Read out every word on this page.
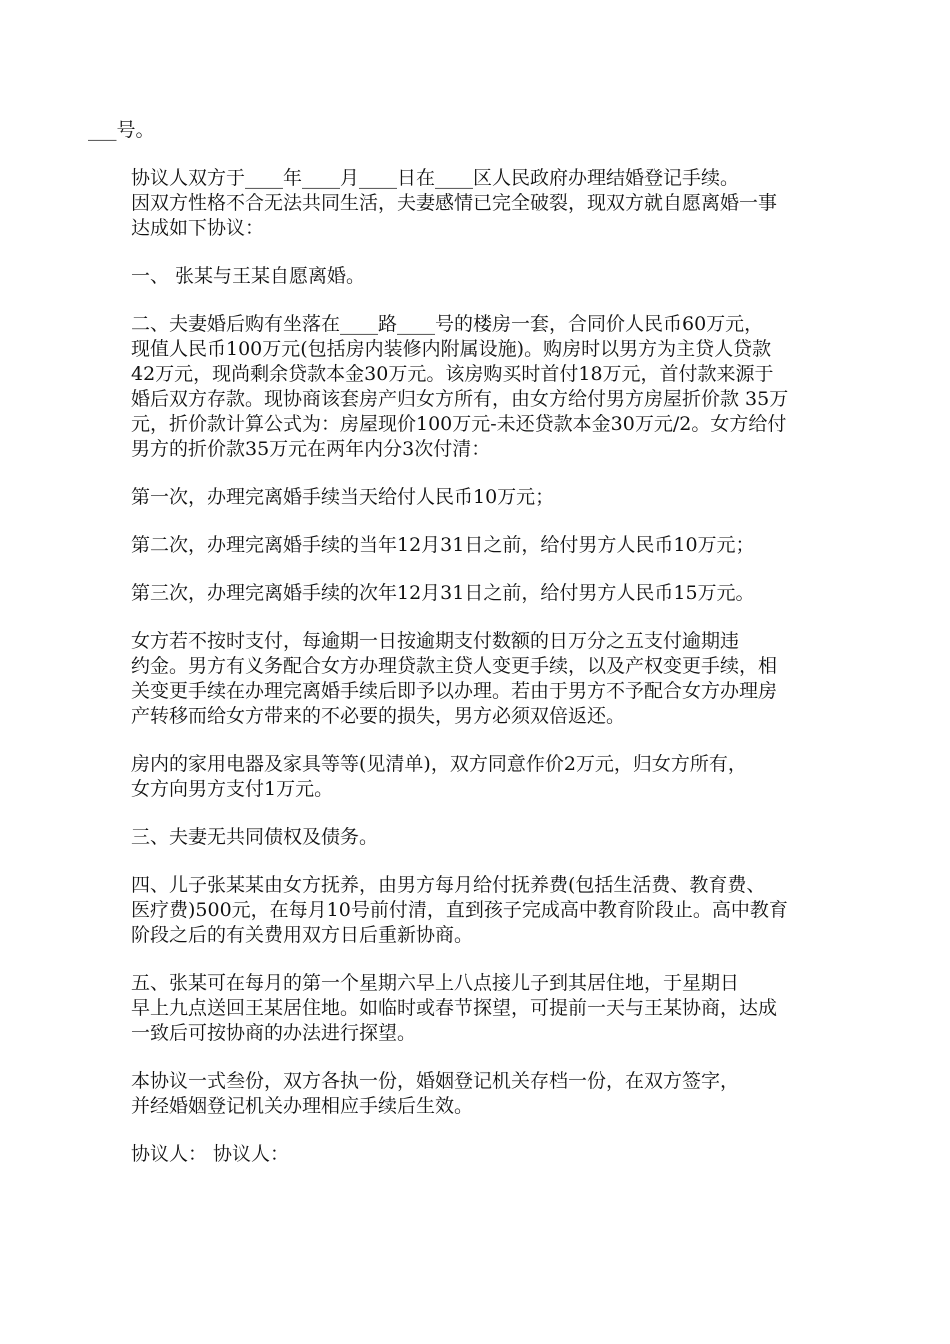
___号。
协议人双方于____年____月____日在____区人民政府办理结婚登记手续。
因双方性格不合无法共同生活，夫妻感情已完全破裂，现双方就自愿离婚一事
达成如下协议：
一、 张某与王某自愿离婚。
二、夫妻婚后购有坐落在____路____号的楼房一套，合同价人民币60万元，
现值人民币100万元(包括房内装修内附属设施)。购房时以男方为主贷人贷款
42万元，现尚剩余贷款本金30万元。该房购买时首付18万元，首付款来源于
婚后双方存款。现协商该套房产归女方所有，由女方给付男方房屋折价款 35万
元，折价款计算公式为：房屋现价100万元-未还贷款本金30万元/2。女方给付
男方的折价款35万元在两年内分3次付清：
第一次，办理完离婚手续当天给付人民币10万元；
第二次，办理完离婚手续的当年12月31日之前，给付男方人民币10万元；
第三次，办理完离婚手续的次年12月31日之前，给付男方人民币15万元。
女方若不按时支付，每逾期一日按逾期支付数额的日万分之五支付逾期违
约金。男方有义务配合女方办理贷款主贷人变更手续，以及产权变更手续，相
关变更手续在办理完离婚手续后即予以办理。若由于男方不予配合女方办理房
产转移而给女方带来的不必要的损失，男方必须双倍返还。
房内的家用电器及家具等等(见清单)，双方同意作价2万元，归女方所有，
女方向男方支付1万元。
三、夫妻无共同债权及债务。
四、儿子张某某由女方抚养，由男方每月给付抚养费(包括生活费、教育费、
医疗费)500元，在每月10号前付清，直到孩子完成高中教育阶段止。高中教育
阶段之后的有关费用双方日后重新协商。
五、张某可在每月的第一个星期六早上八点接儿子到其居住地，于星期日
早上九点送回王某居住地。如临时或春节探望，可提前一天与王某协商，达成
一致后可按协商的办法进行探望。
本协议一式叁份，双方各执一份，婚姻登记机关存档一份，在双方签字，
并经婚姻登记机关办理相应手续后生效。
协议人： 协议人：
